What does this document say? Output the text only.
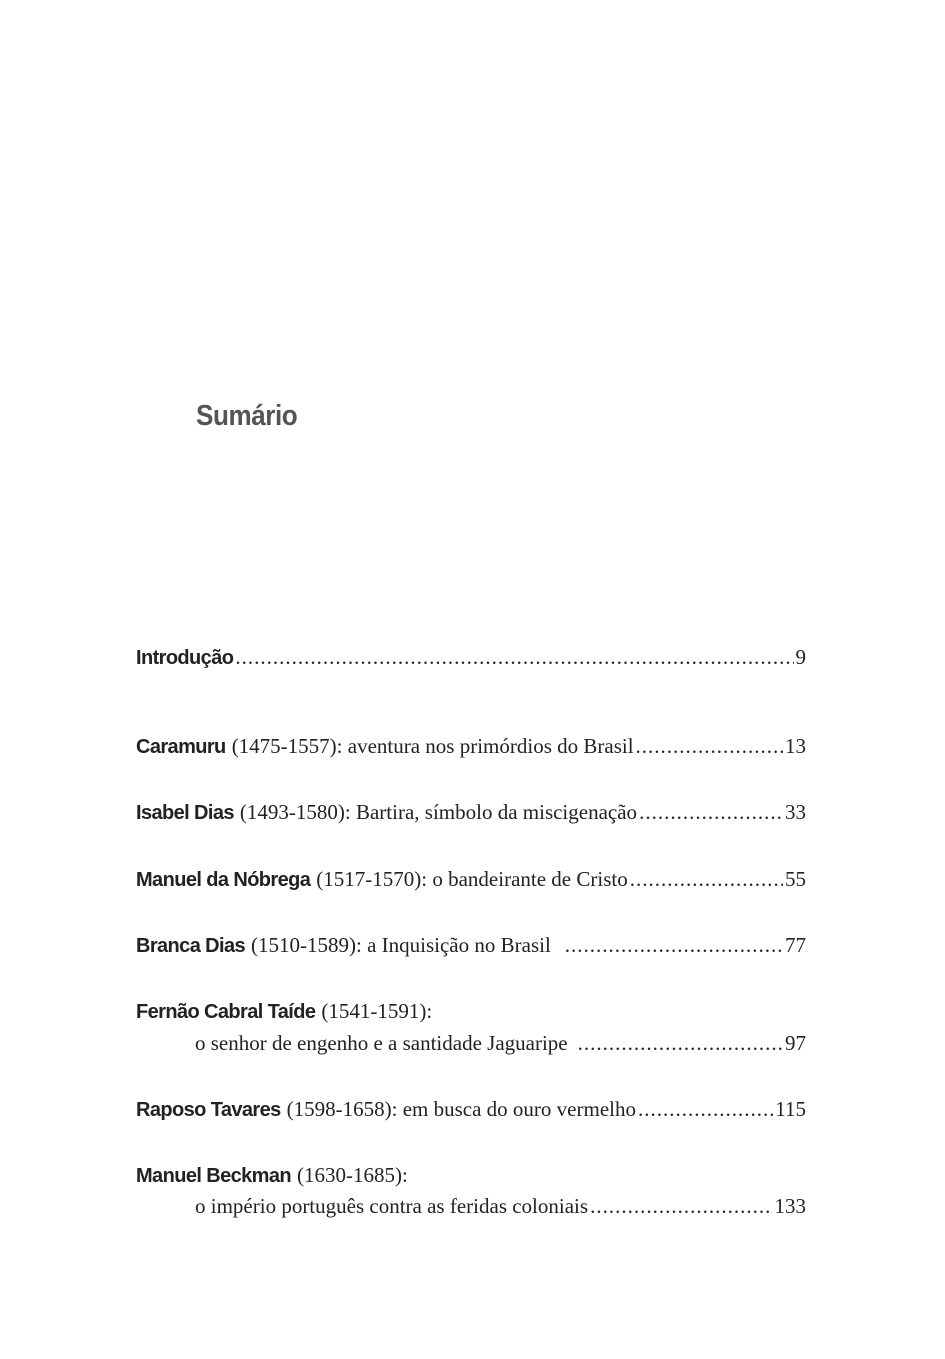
Sumário
Introdução .....	9
Caramuru (1475-1557): aventura nos primórdios do Brasil .....	13
Isabel Dias (1493-1580): Bartira, símbolo da miscigenação .....	33
Manuel da Nóbrega (1517-1570): o bandeirante de Cristo .....	55
Branca Dias (1510-1589): a Inquisição no Brasil .....	77
Fernão Cabral Taíde (1541-1591):
o senhor de engenho e a santidade Jaguaripe .....	97
Raposo Tavares (1598-1658): em busca do ouro vermelho .....	115
Manuel Beckman (1630-1685):
o império português contra as feridas coloniais .....	133
